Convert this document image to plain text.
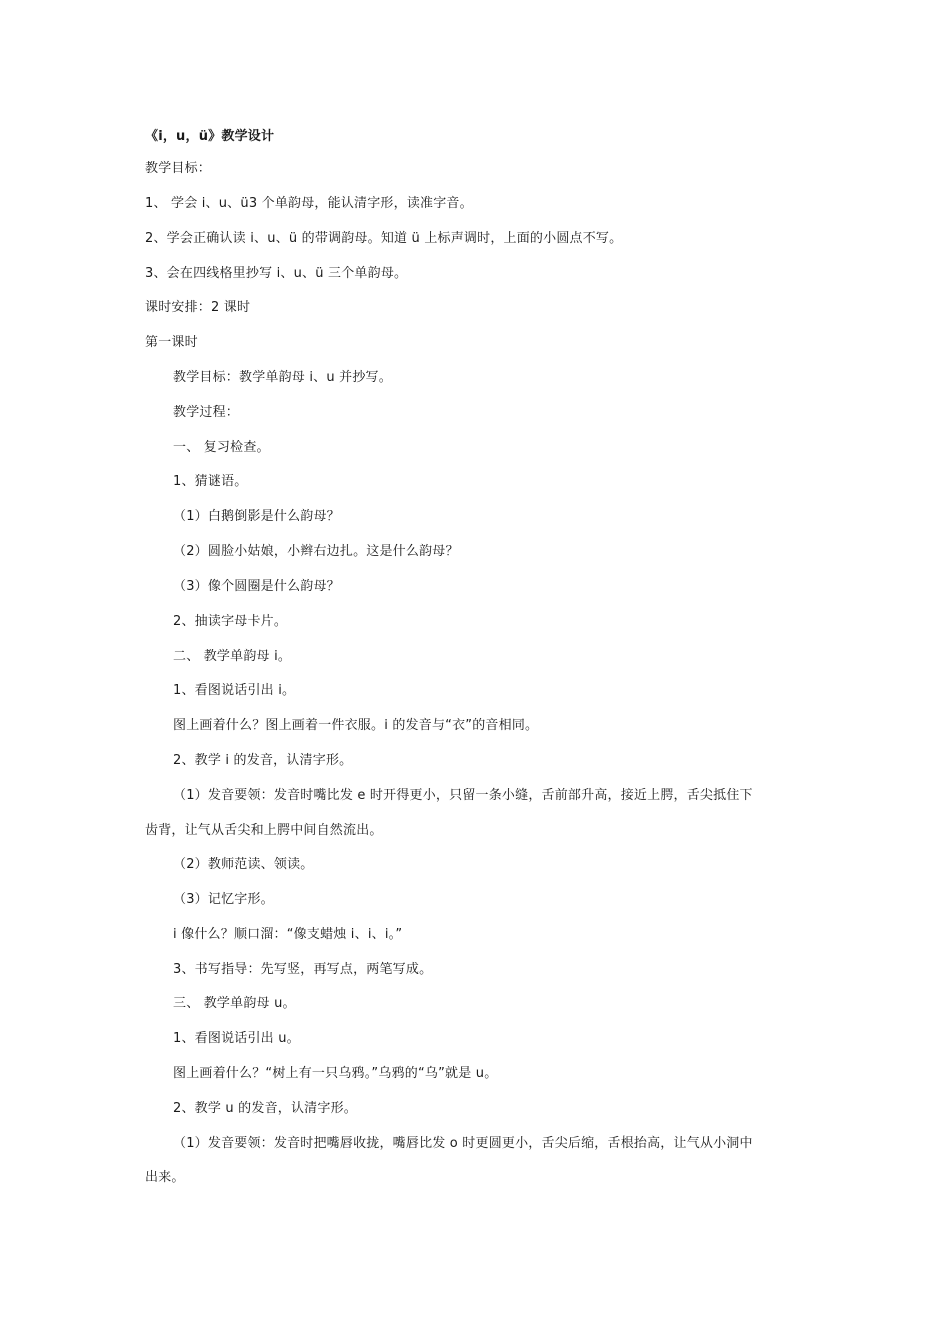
《i，u，ü》教学设计
教学目标：
1、 学会 i、u、ü3 个单韵母，能认清字形，读准字音。
2、学会正确认读 i、u、ü 的带调韵母。知道 ü 上标声调时，上面的小圆点不写。
3、会在四线格里抄写 i、u、ü 三个单韵母。
课时安排：2 课时
第一课时
教学目标：教学单韵母 i、u 并抄写。
教学过程：
一、 复习检查。
1、猜谜语。
（1）白鹅倒影是什么韵母？
（2）圆脸小姑娘，小辫右边扎。这是什么韵母？
（3）像个圆圈是什么韵母？
2、抽读字母卡片。
二、 教学单韵母 i。
1、看图说话引出 i。
图上画着什么？图上画着一件衣服。i 的发音与“衣”的音相同。
2、教学 i 的发音，认清字形。
（1）发音要领：发音时嘴比发 e 时开得更小，只留一条小缝，舌前部升高，接近上腭，舌尖抵住下
齿背，让气从舌尖和上腭中间自然流出。
（2）教师范读、领读。
（3）记忆字形。
i 像什么？顺口溜：“像支蜡烛 i、i、i。”
3、书写指导：先写竖，再写点，两笔写成。
三、 教学单韵母 u。
1、看图说话引出 u。
图上画着什么？“树上有一只乌鸦。”乌鸦的“乌”就是 u。
2、教学 u 的发音，认清字形。
（1）发音要领：发音时把嘴唇收拢，嘴唇比发 o 时更圆更小，舌尖后缩，舌根抬高，让气从小洞中
出来。
